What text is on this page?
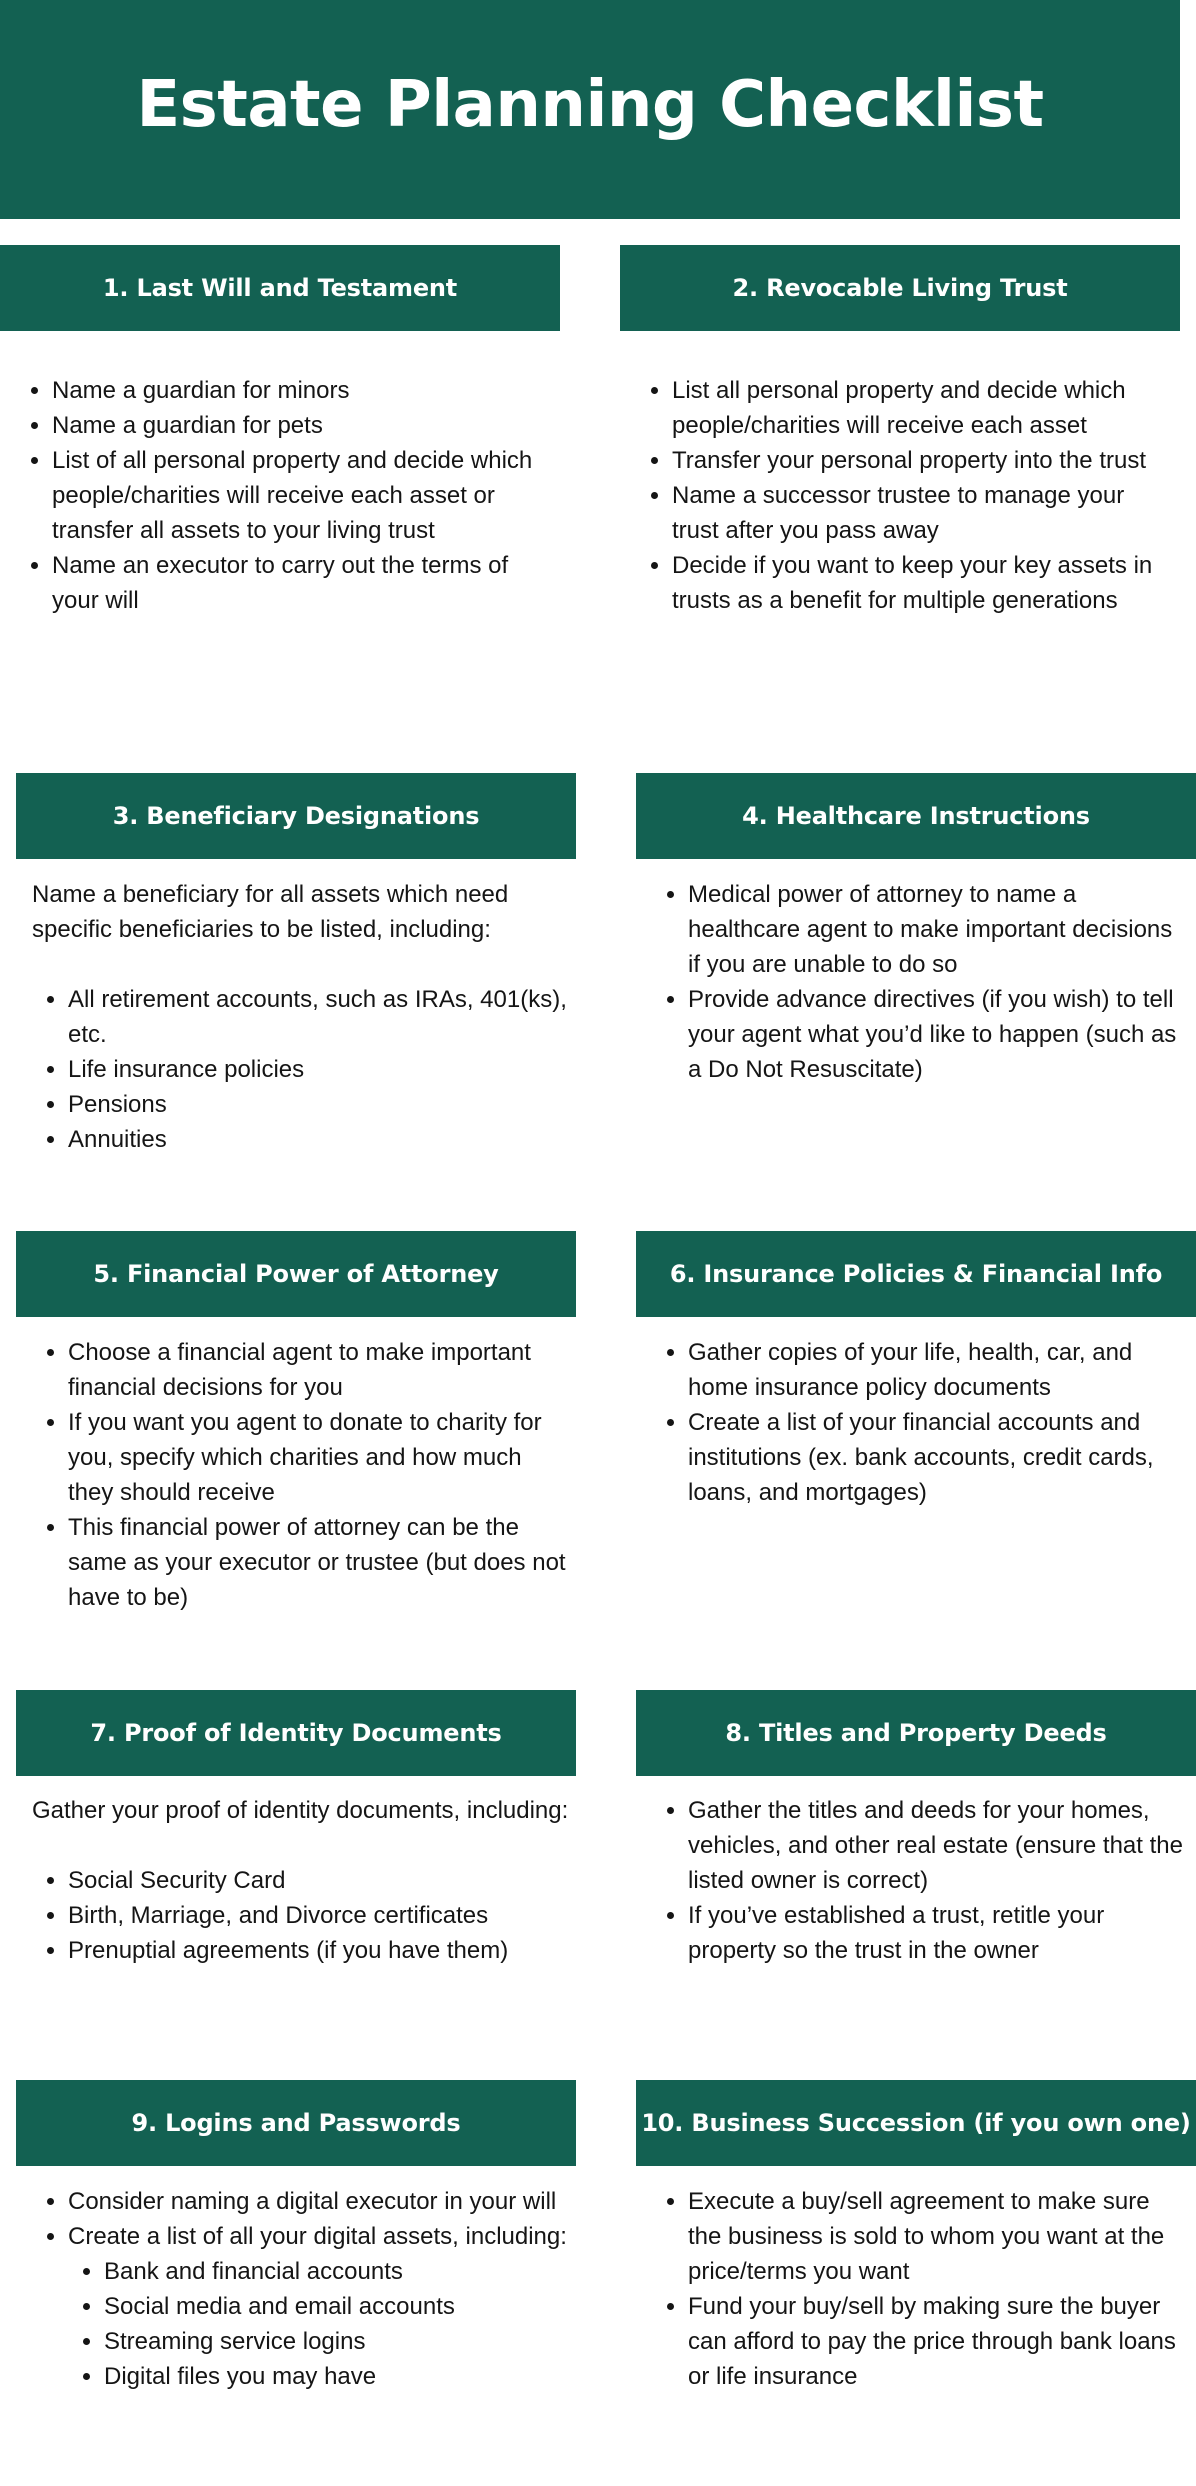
Estate Planning Checklist
1. Last Will and Testament
• Name a guardian for minors
• Name a guardian for pets
• List of all personal property and decide which people/charities will receive each asset or transfer all assets to your living trust
• Name an executor to carry out the terms of your will
2. Revocable Living Trust
• List all personal property and decide which people/charities will receive each asset
• Transfer your personal property into the trust
• Name a successor trustee to manage your trust after you pass away
• Decide if you want to keep your key assets in trusts as a benefit for multiple generations
3. Beneficiary Designations

Name a beneficiary for all assets which need specific beneficiaries to be listed, including:

• All retirement accounts, such as IRAs, 401(ks), etc.
• Life insurance policies
• Pensions
• Annuities
4. Healthcare Instructions
• Medical power of attorney to name a healthcare agent to make important decisions if you are unable to do so
• Provide advance directives (if you wish) to tell your agent what you’d like to happen (such as a Do Not Resuscitate)
5. Financial Power of Attorney
• Choose a financial agent to make important financial decisions for you
• If you want you agent to donate to charity for you, specify which charities and how much they should receive
• This financial power of attorney can be the same as your executor or trustee (but does not have to be)
6. Insurance Policies & Financial Info
• Gather copies of your life, health, car, and home insurance policy documents
• Create a list of your financial accounts and institutions (ex. bank accounts, credit cards, loans, and mortgages)
7. Proof of Identity Documents

Gather your proof of identity documents, including:

• Social Security Card
• Birth, Marriage, and Divorce certificates
• Prenuptial agreements (if you have them)
8. Titles and Property Deeds
• Gather the titles and deeds for your homes, vehicles, and other real estate (ensure that the listed owner is correct)
• If you’ve established a trust, retitle your property so the trust in the owner
9. Logins and Passwords
• Consider naming a digital executor in your will
• Create a list of all your digital assets, including:
• Bank and financial accounts
• Social media and email accounts
• Streaming service logins
• Digital files you may have
10. Business Succession (if you own one)
• Execute a buy/sell agreement to make sure the business is sold to whom you want at the price/terms you want
• Fund your buy/sell by making sure the buyer can afford to pay the price through bank loans or life insurance
